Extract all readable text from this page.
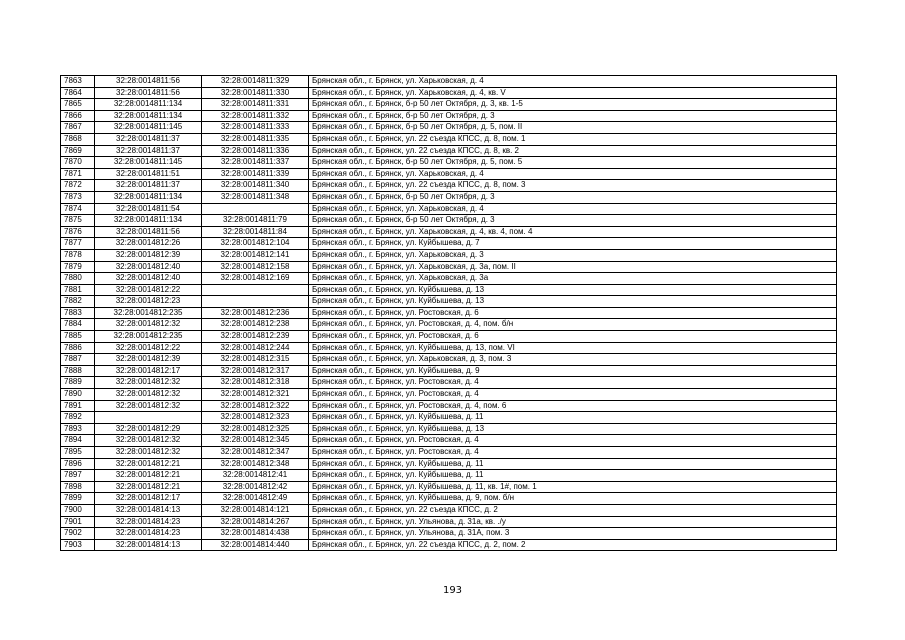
7863	32:28:0014811:56	32:28:0014811:329	Брянская обл., г. Брянск, ул. Харьковская, д. 4
7864	32:28:0014811:56	32:28:0014811:330	Брянская обл., г. Брянск, ул. Харьковская, д. 4, кв. V
7865	32:28:0014811:134	32:28:0014811:331	Брянская обл., г. Брянск, б-р 50 лет Октября, д. 3, кв. 1-5
7866	32:28:0014811:134	32:28:0014811:332	Брянская обл., г. Брянск, б-р 50 лет Октября, д. 3
7867	32:28:0014811:145	32:28:0014811:333	Брянская обл., г. Брянск, б-р 50 лет Октября, д. 5, пом. II
7868	32:28:0014811:37	32:28:0014811:335	Брянская обл., г. Брянск, ул. 22 съезда КПСС, д. 8, пом. 1
7869	32:28:0014811:37	32:28:0014811:336	Брянская обл., г. Брянск, ул. 22 съезда КПСС, д. 8, кв. 2
7870	32:28:0014811:145	32:28:0014811:337	Брянская обл., г. Брянск, б-р 50 лет Октября, д. 5, пом. 5
7871	32:28:0014811:51	32:28:0014811:339	Брянская обл., г. Брянск, ул. Харьковская, д. 4
7872	32:28:0014811:37	32:28:0014811:340	Брянская обл., г. Брянск, ул. 22 съезда КПСС, д. 8, пом. 3
7873	32:28:0014811:134	32:28:0014811:348	Брянская обл., г. Брянск, б-р 50 лет Октября, д. 3
7874	32:28:0014811:54		Брянская обл., г. Брянск, ул. Харьковская, д. 4
7875	32:28:0014811:134	32:28:0014811:79	Брянская обл., г. Брянск, б-р 50 лет Октября, д. 3
7876	32:28:0014811:56	32:28:0014811:84	Брянская обл., г. Брянск, ул. Харьковская, д. 4, кв. 4, пом. 4
7877	32:28:0014812:26	32:28:0014812:104	Брянская обл., г. Брянск, ул. Куйбышева, д. 7
7878	32:28:0014812:39	32:28:0014812:141	Брянская обл., г. Брянск, ул. Харьковская, д. 3
7879	32:28:0014812:40	32:28:0014812:158	Брянская обл., г. Брянск, ул. Харьковская, д. 3а, пом. II
7880	32:28:0014812:40	32:28:0014812:169	Брянская обл., г. Брянск, ул. Харьковская, д. 3а
7881	32:28:0014812:22		Брянская обл., г. Брянск, ул. Куйбышева, д. 13
7882	32:28:0014812:23		Брянская обл., г. Брянск, ул. Куйбышева, д. 13
7883	32:28:0014812:235	32:28:0014812:236	Брянская обл., г. Брянск, ул. Ростовская, д. 6
7884	32:28:0014812:32	32:28:0014812:238	Брянская обл., г. Брянск, ул. Ростовская, д. 4, пом. б/н
7885	32:28:0014812:235	32:28:0014812:239	Брянская обл., г. Брянск, ул. Ростовская, д. 6
7886	32:28:0014812:22	32:28:0014812:244	Брянская обл., г. Брянск, ул. Куйбышева, д. 13, пом. VI
7887	32:28:0014812:39	32:28:0014812:315	Брянская обл., г. Брянск, ул. Харьковская, д. 3, пом. 3
7888	32:28:0014812:17	32:28:0014812:317	Брянская обл., г. Брянск, ул. Куйбышева, д. 9
7889	32:28:0014812:32	32:28:0014812:318	Брянская обл., г. Брянск, ул. Ростовская, д. 4
7890	32:28:0014812:32	32:28:0014812:321	Брянская обл., г. Брянск, ул. Ростовская, д. 4
7891	32:28:0014812:32	32:28:0014812:322	Брянская обл., г. Брянск, ул. Ростовская, д. 4, пом. 6
7892		32:28:0014812:323	Брянская обл., г. Брянск, ул. Куйбышева, д. 11
7893	32:28:0014812:29	32:28:0014812:325	Брянская обл., г. Брянск, ул. Куйбышева, д. 13
7894	32:28:0014812:32	32:28:0014812:345	Брянская обл., г. Брянск, ул. Ростовская, д. 4
7895	32:28:0014812:32	32:28:0014812:347	Брянская обл., г. Брянск, ул. Ростовская, д. 4
7896	32:28:0014812:21	32:28:0014812:348	Брянская обл., г. Брянск, ул. Куйбышева, д. 11
7897	32:28:0014812:21	32:28:0014812:41	Брянская обл., г. Брянск, ул. Куйбышева, д. 11
7898	32:28:0014812:21	32:28:0014812:42	Брянская обл., г. Брянск, ул. Куйбышева, д. 11, кв. 1#, пом. 1
7899	32:28:0014812:17	32:28:0014812:49	Брянская обл., г. Брянск, ул. Куйбышева, д. 9, пом. б/н
7900	32:28:0014814:13	32:28:0014814:121	Брянская обл., г. Брянск, ул. 22 съезда КПСС, д. 2
7901	32:28:0014814:23	32:28:0014814:267	Брянская обл., г. Брянск, ул. Ульянова, д. 31а, кв. ./у
7902	32:28:0014814:23	32:28:0014814:438	Брянская обл., г. Брянск, ул. Ульянова, д. 31А, пом. 3
7903	32:28:0014814:13	32:28:0014814:440	Брянская обл., г. Брянск, ул. 22 съезда КПСС, д. 2, пом. 2
193
